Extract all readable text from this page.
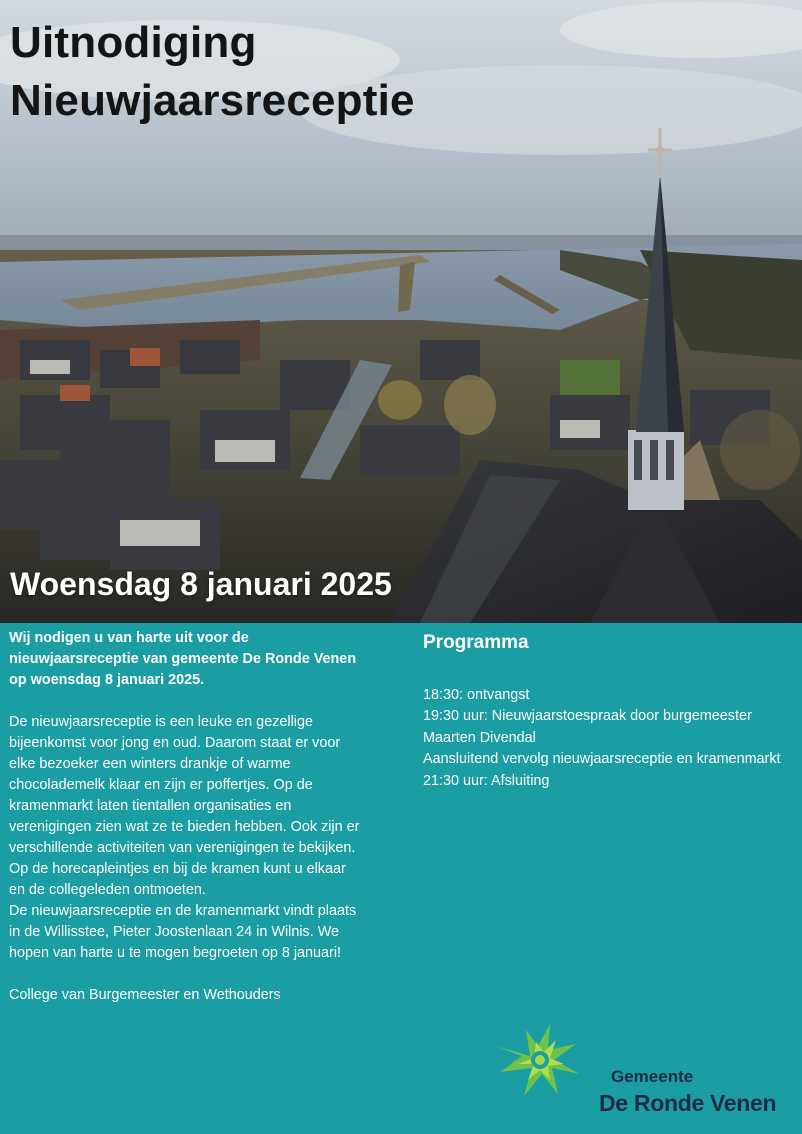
Uitnodiging
Nieuwjaarsreceptie
Woensdag 8 januari 2025

Wij nodigen u van harte uit voor de nieuwjaarsreceptie van gemeente De Ronde Venen op woensdag 8 januari 2025.

De nieuwjaarsreceptie is een leuke en gezellige bijeenkomst voor jong en oud. Daarom staat er voor elke bezoeker een winters drankje of warme chocolademelk klaar en zijn er poffertjes. Op de kramenmarkt laten tientallen organisaties en verenigingen zien wat ze te bieden hebben. Ook zijn er verschillende activiteiten van verenigingen te bekijken. Op de horecapleintjes en bij de kramen kunt u elkaar en de collegeleden ontmoeten.

De nieuwjaarsreceptie en de kramenmarkt vindt plaats in de Willisstee, Pieter Joostenlaan 24 in Wilnis. We hopen van harte u te mogen begroeten op 8 januari!

College van Burgemeester en Wethouders

Programma
18:30: ontvangst
19:30 uur: Nieuwjaarstoespraak door burgemeester Maarten Divendal
Aansluitend vervolg nieuwjaarsreceptie en kramenmarkt
21:30 uur: Afsluiting
Gemeente
De Ronde Venen
